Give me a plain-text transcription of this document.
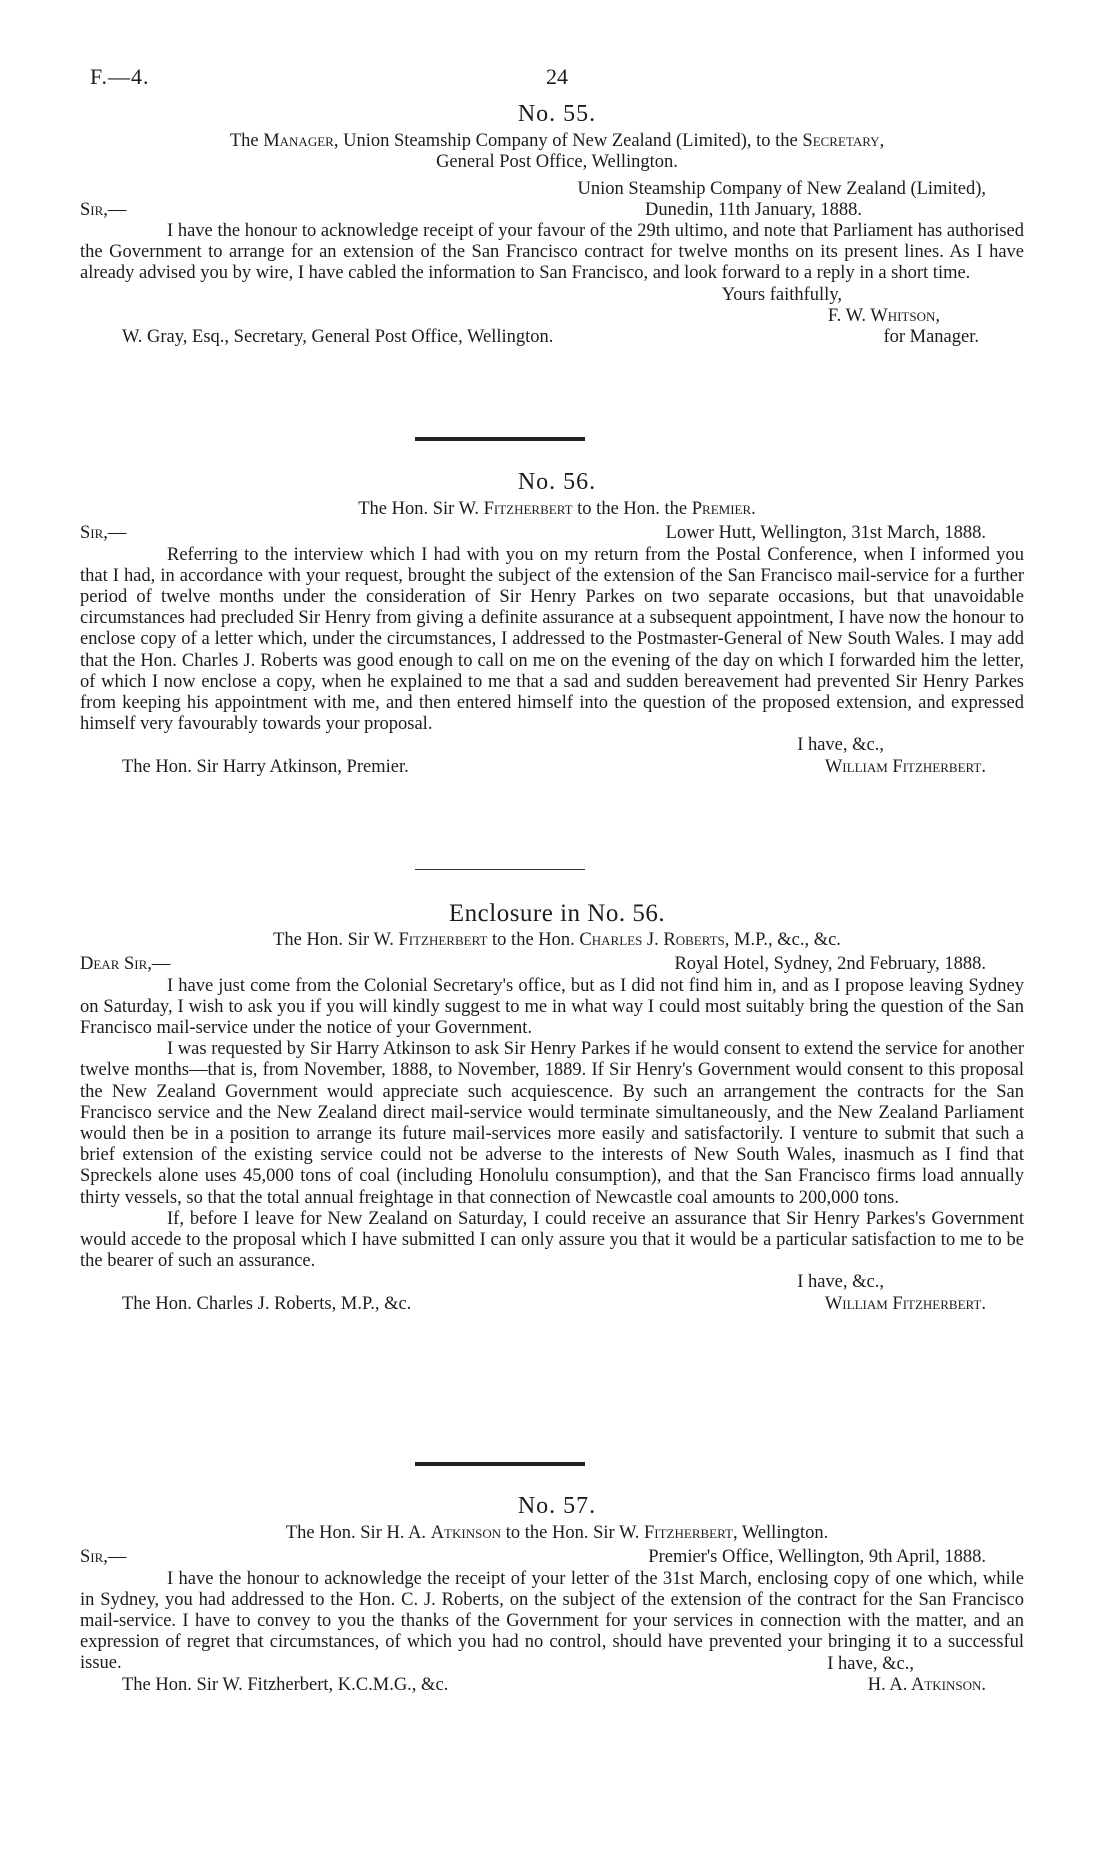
F.—4.	24
No. 55.
The Manager, Union Steamship Company of New Zealand (Limited), to the Secretary,
General Post Office, Wellington.
Union Steamship Company of New Zealand (Limited),
Sir,—	Dunedin, 11th January, 1888.

I have the honour to acknowledge receipt of your favour of the 29th ultimo, and note that Parliament has authorised the Government to arrange for an extension of the San Francisco contract for twelve months on its present lines. As I have already advised you by wire, I have cabled the information to San Francisco, and look forward to a reply in a short time.

Yours faithfully,
F. W. Whitson,
W. Gray, Esq., Secretary, General Post Office, Wellington.	for Manager.
No. 56.
The Hon. Sir W. Fitzherbert to the Hon. the Premier.
Sir,—	Lower Hutt, Wellington, 31st March, 1888.

Referring to the interview which I had with you on my return from the Postal Conference, when I informed you that I had, in accordance with your request, brought the subject of the extension of the San Francisco mail-service for a further period of twelve months under the consideration of Sir Henry Parkes on two separate occasions, but that unavoidable circumstances had precluded Sir Henry from giving a definite assurance at a subsequent appointment, I have now the honour to enclose copy of a letter which, under the circumstances, I addressed to the Postmaster-General of New South Wales. I may add that the Hon. Charles J. Roberts was good enough to call on me on the evening of the day on which I forwarded him the letter, of which I now enclose a copy, when he explained to me that a sad and sudden bereavement had prevented Sir Henry Parkes from keeping his appointment with me, and then entered himself into the question of the proposed extension, and expressed himself very favourably towards your proposal.

I have, &c.,
The Hon. Sir Harry Atkinson, Premier.	William Fitzherbert.
Enclosure in No. 56.
The Hon. Sir W. Fitzherbert to the Hon. Charles J. Roberts, M.P., &c., &c.
Dear Sir,—	Royal Hotel, Sydney, 2nd February, 1888.

I have just come from the Colonial Secretary's office, but as I did not find him in, and as I propose leaving Sydney on Saturday, I wish to ask you if you will kindly suggest to me in what way I could most suitably bring the question of the San Francisco mail-service under the notice of your Government.

I was requested by Sir Harry Atkinson to ask Sir Henry Parkes if he would consent to extend the service for another twelve months—that is, from November, 1888, to November, 1889. If Sir Henry's Government would consent to this proposal the New Zealand Government would appreciate such acquiescence. By such an arrangement the contracts for the San Francisco service and the New Zealand direct mail-service would terminate simultaneously, and the New Zealand Parliament would then be in a position to arrange its future mail-services more easily and satisfactorily. I venture to submit that such a brief extension of the existing service could not be adverse to the interests of New South Wales, inasmuch as I find that Spreckels alone uses 45,000 tons of coal (including Honolulu consumption), and that the San Francisco firms load annually thirty vessels, so that the total annual freightage in that connection of Newcastle coal amounts to 200,000 tons.

If, before I leave for New Zealand on Saturday, I could receive an assurance that Sir Henry Parkes's Government would accede to the proposal which I have submitted I can only assure you that it would be a particular satisfaction to me to be the bearer of such an assurance.

I have, &c.,
The Hon. Charles J. Roberts, M.P., &c.	William Fitzherbert.
No. 57.
The Hon. Sir H. A. Atkinson to the Hon. Sir W. Fitzherbert, Wellington.
Sir,—	Premier's Office, Wellington, 9th April, 1888.

I have the honour to acknowledge the receipt of your letter of the 31st March, enclosing copy of one which, while in Sydney, you had addressed to the Hon. C. J. Roberts, on the subject of the extension of the contract for the San Francisco mail-service. I have to convey to you the thanks of the Government for your services in connection with the matter, and an expression of regret that circumstances, of which you had no control, should have prevented your bringing it to a successful issue.	I have, &c.,
The Hon. Sir W. Fitzherbert, K.C.M.G., &c.	H. A. Atkinson.
